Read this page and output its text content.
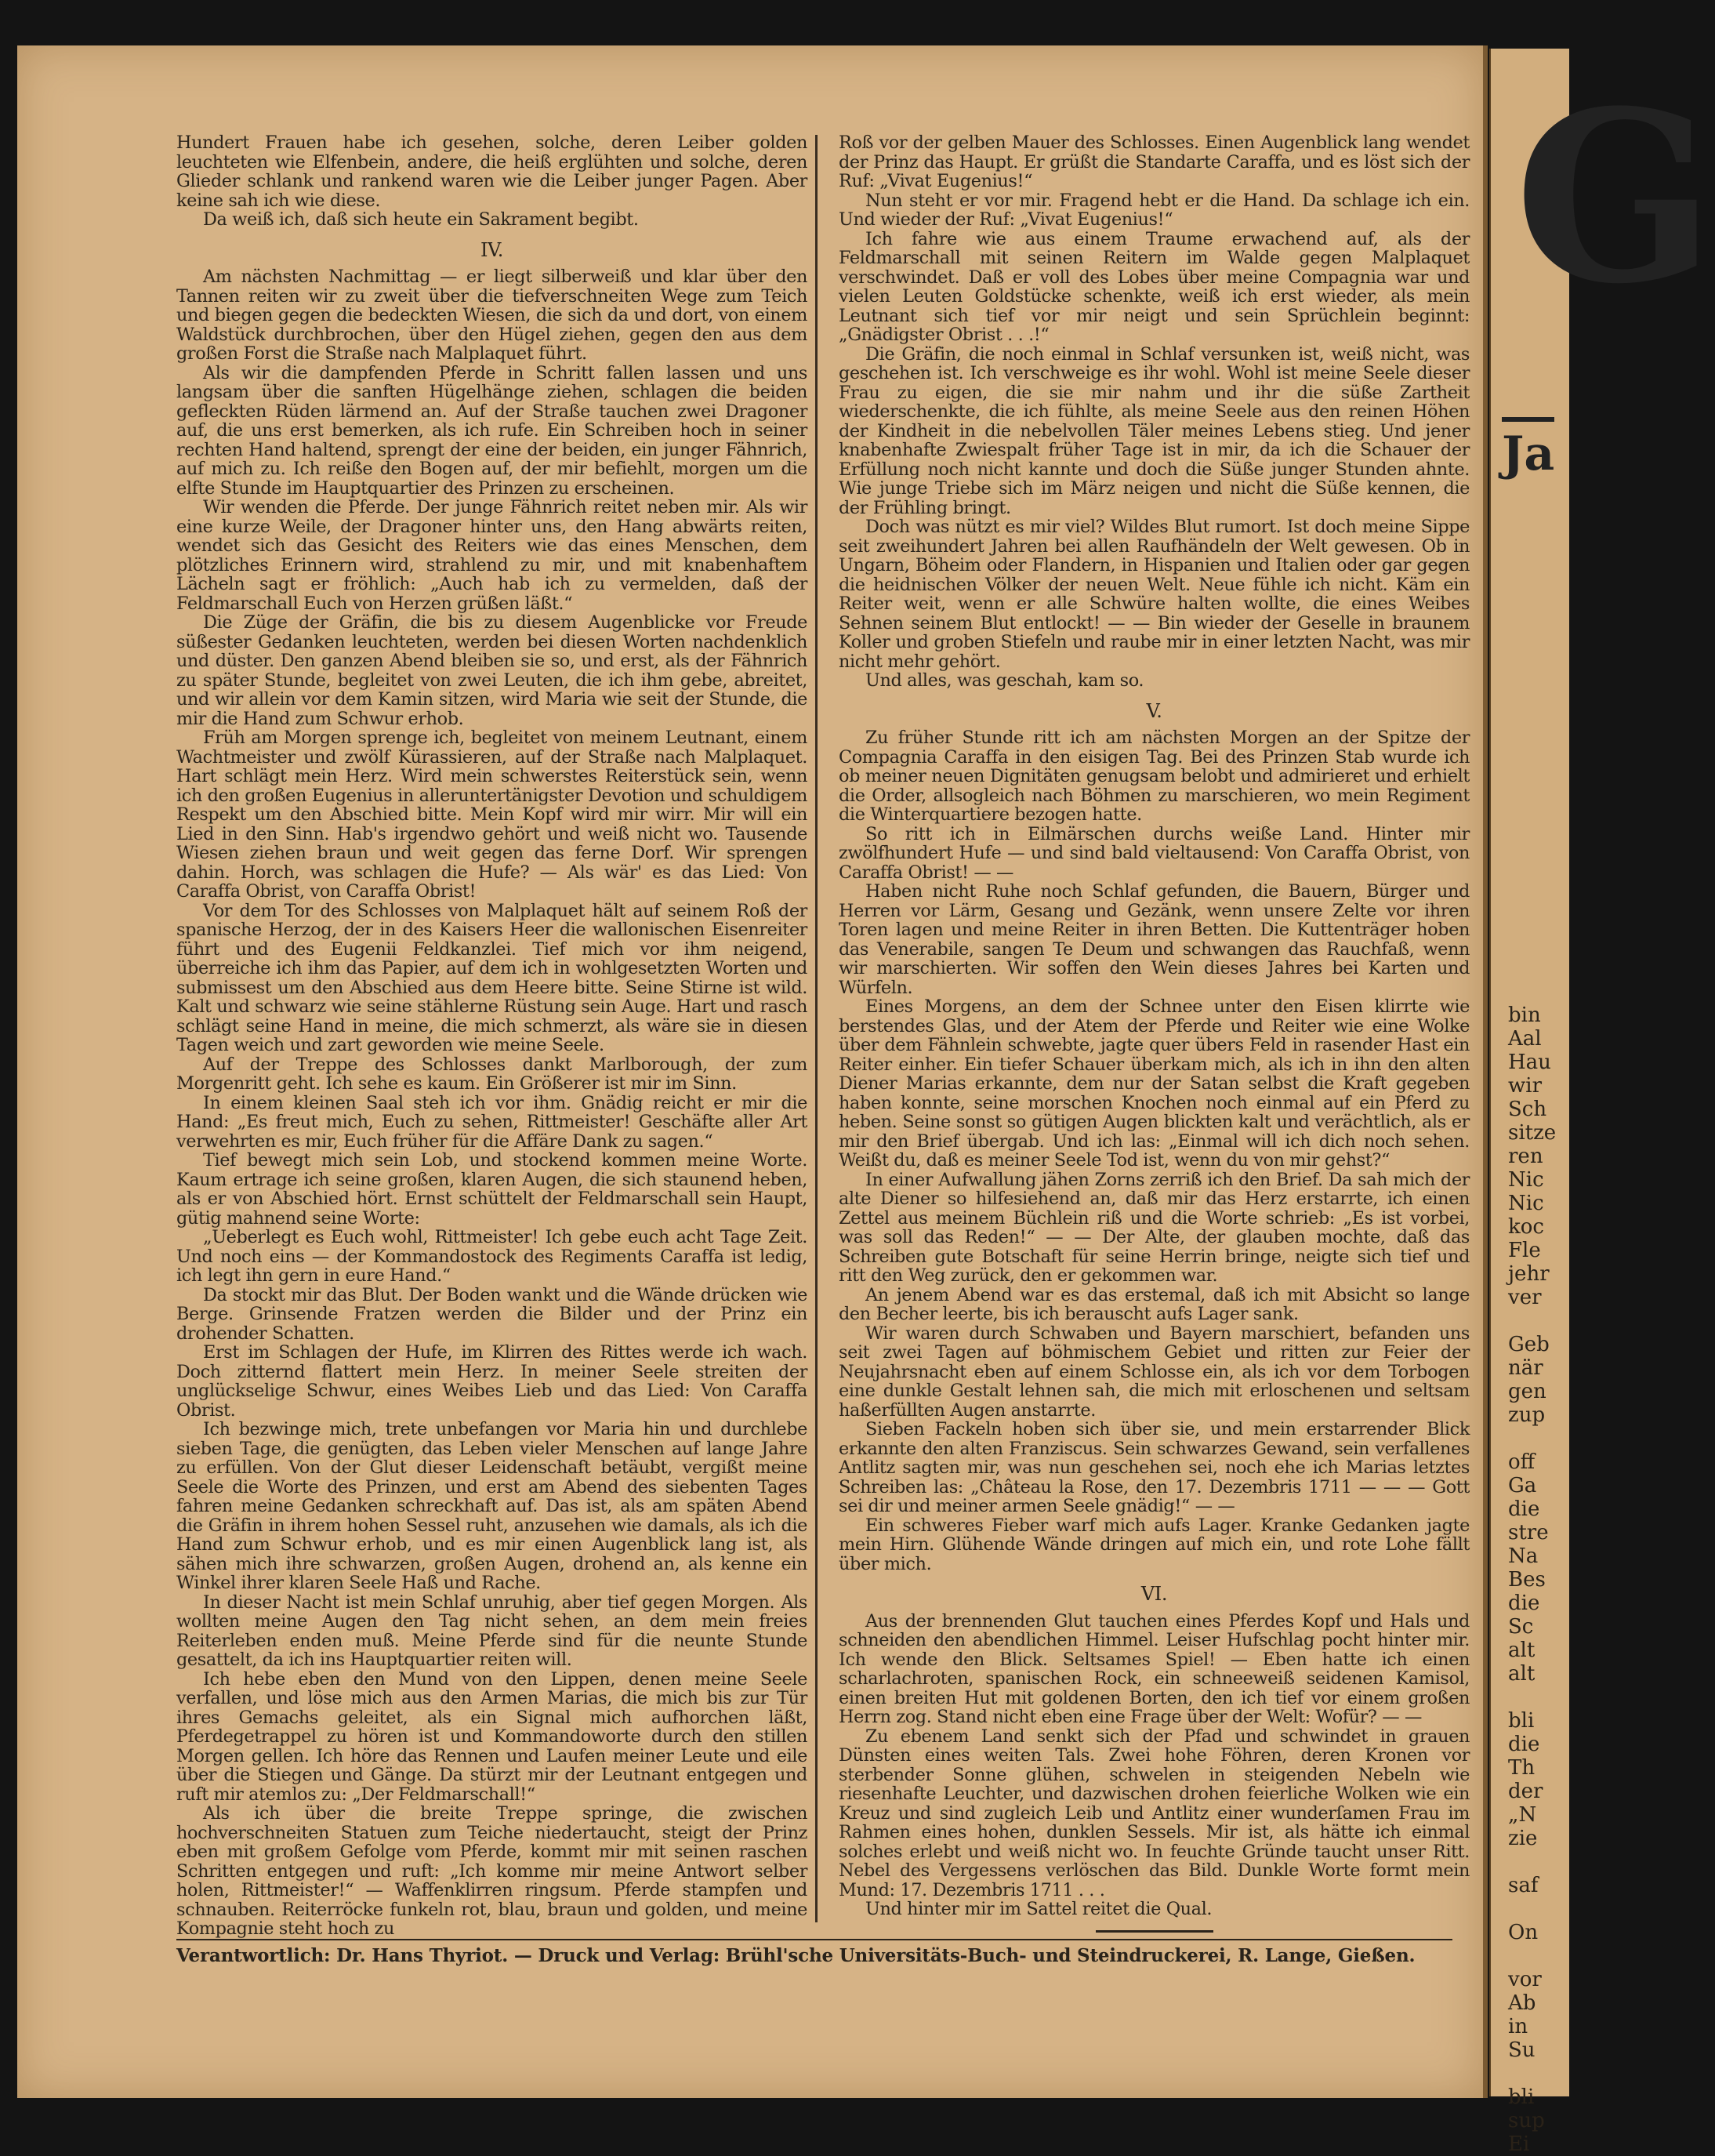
G
Ja
bin
Aal
Hau
wir
Sch
sitze
ren
Nic
Nic
koc
Fle
jehr
ver

Geb
när
gen
zup

off
Ga
die
stre
Na
Bes
die
Sc
alt
alt

bli
die
Th
der
„N
zie

saf

On

vor
Ab
in
Su

bli
sup
Ei

Hundert Frauen habe ich gesehen, solche, deren Leiber golden leuchteten wie Elfenbein, andere, die heiß erglühten und solche, deren Glieder schlank und rankend waren wie die Leiber junger Pagen. Aber keine sah ich wie diese.

Da weiß ich, daß sich heute ein Sakrament begibt.

IV.

Am nächsten Nachmittag — er liegt silberweiß und klar über den Tannen reiten wir zu zweit über die tiefverschneiten Wege zum Teich und biegen gegen die bedeckten Wiesen, die sich da und dort, von einem Waldstück durchbrochen, über den Hügel ziehen, gegen den aus dem großen Forst die Straße nach Malplaquet führt.

Als wir die dampfenden Pferde in Schritt fallen lassen und uns langsam über die sanften Hügelhänge ziehen, schlagen die beiden gefleckten Rüden lärmend an. Auf der Straße tauchen zwei Dragoner auf, die uns erst bemerken, als ich rufe. Ein Schreiben hoch in seiner rechten Hand haltend, sprengt der eine der beiden, ein junger Fähnrich, auf mich zu. Ich reiße den Bogen auf, der mir befiehlt, morgen um die elfte Stunde im Hauptquartier des Prinzen zu erscheinen.

Wir wenden die Pferde. Der junge Fähnrich reitet neben mir. Als wir eine kurze Weile, der Dragoner hinter uns, den Hang abwärts reiten, wendet sich das Gesicht des Reiters wie das eines Menschen, dem plötzliches Erinnern wird, strahlend zu mir, und mit knabenhaftem Lächeln sagt er fröhlich: „Auch hab ich zu vermelden, daß der Feldmarschall Euch von Herzen grüßen läßt.“

Die Züge der Gräfin, die bis zu diesem Augenblicke vor Freude süßester Gedanken leuchteten, werden bei diesen Worten nachdenklich und düster. Den ganzen Abend bleiben sie so, und erst, als der Fähnrich zu später Stunde, begleitet von zwei Leuten, die ich ihm gebe, abreitet, und wir allein vor dem Kamin sitzen, wird Maria wie seit der Stunde, die mir die Hand zum Schwur erhob.

Früh am Morgen sprenge ich, begleitet von meinem Leutnant, einem Wachtmeister und zwölf Kürassieren, auf der Straße nach Malplaquet. Hart schlägt mein Herz. Wird mein schwerstes Reiterstück sein, wenn ich den großen Eugenius in alleruntertänigster Devotion und schuldigem Respekt um den Abschied bitte. Mein Kopf wird mir wirr. Mir will ein Lied in den Sinn. Hab's irgendwo gehört und weiß nicht wo. Tausende Wiesen ziehen braun und weit gegen das ferne Dorf. Wir sprengen dahin. Horch, was schlagen die Hufe? — Als wär' es das Lied: Von Caraffa Obrist, von Caraffa Obrist!

Vor dem Tor des Schlosses von Malplaquet hält auf seinem Roß der spanische Herzog, der in des Kaisers Heer die wallonischen Eisenreiter führt und des Eugenii Feldkanzlei. Tief mich vor ihm neigend, überreiche ich ihm das Papier, auf dem ich in wohlgesetzten Worten und submissest um den Abschied aus dem Heere bitte. Seine Stirne ist wild. Kalt und schwarz wie seine stählerne Rüstung sein Auge. Hart und rasch schlägt seine Hand in meine, die mich schmerzt, als wäre sie in diesen Tagen weich und zart geworden wie meine Seele.

Auf der Treppe des Schlosses dankt Marlborough, der zum Morgenritt geht. Ich sehe es kaum. Ein Größerer ist mir im Sinn.

In einem kleinen Saal steh ich vor ihm. Gnädig reicht er mir die Hand: „Es freut mich, Euch zu sehen, Rittmeister! Geschäfte aller Art verwehrten es mir, Euch früher für die Affäre Dank zu sagen.“

Tief bewegt mich sein Lob, und stockend kommen meine Worte. Kaum ertrage ich seine großen, klaren Augen, die sich staunend heben, als er von Abschied hört. Ernst schüttelt der Feldmarschall sein Haupt, gütig mahnend seine Worte:

„Ueberlegt es Euch wohl, Rittmeister! Ich gebe euch acht Tage Zeit. Und noch eins — der Kommandostock des Regiments Caraffa ist ledig, ich legt ihn gern in eure Hand.“

Da stockt mir das Blut. Der Boden wankt und die Wände drücken wie Berge. Grinsende Fratzen werden die Bilder und der Prinz ein drohender Schatten.

Erst im Schlagen der Hufe, im Klirren des Rittes werde ich wach. Doch zitternd flattert mein Herz. In meiner Seele streiten der unglückselige Schwur, eines Weibes Lieb und das Lied: Von Caraffa Obrist.

Ich bezwinge mich, trete unbefangen vor Maria hin und durchlebe sieben Tage, die genügten, das Leben vieler Menschen auf lange Jahre zu erfüllen. Von der Glut dieser Leidenschaft betäubt, vergißt meine Seele die Worte des Prinzen, und erst am Abend des siebenten Tages fahren meine Gedanken schreckhaft auf. Das ist, als am späten Abend die Gräfin in ihrem hohen Sessel ruht, anzusehen wie damals, als ich die Hand zum Schwur erhob, und es mir einen Augenblick lang ist, als sähen mich ihre schwarzen, großen Augen, drohend an, als kenne ein Winkel ihrer klaren Seele Haß und Rache.

In dieser Nacht ist mein Schlaf unruhig, aber tief gegen Morgen. Als wollten meine Augen den Tag nicht sehen, an dem mein freies Reiterleben enden muß. Meine Pferde sind für die neunte Stunde gesattelt, da ich ins Hauptquartier reiten will.

Ich hebe eben den Mund von den Lippen, denen meine Seele verfallen, und löse mich aus den Armen Marias, die mich bis zur Tür ihres Gemachs geleitet, als ein Signal mich aufhorchen läßt, Pferdegetrappel zu hören ist und Kommandoworte durch den stillen Morgen gellen. Ich höre das Rennen und Laufen meiner Leute und eile über die Stiegen und Gänge. Da stürzt mir der Leutnant entgegen und ruft mir atemlos zu: „Der Feldmarschall!“

Als ich über die breite Treppe springe, die zwischen hochverschneiten Statuen zum Teiche niedertaucht, steigt der Prinz eben mit großem Gefolge vom Pferde, kommt mir mit seinen raschen Schritten entgegen und ruft: „Ich komme mir meine Antwort selber holen, Rittmeister!“ — Waffenklirren ringsum. Pferde stampfen und schnauben. Reiterröcke funkeln rot, blau, braun und golden, und meine Kompagnie steht hoch zu

Roß vor der gelben Mauer des Schlosses. Einen Augenblick lang wendet der Prinz das Haupt. Er grüßt die Standarte Caraffa, und es löst sich der Ruf: „Vivat Eugenius!“

Nun steht er vor mir. Fragend hebt er die Hand. Da schlage ich ein. Und wieder der Ruf: „Vivat Eugenius!“

Ich fahre wie aus einem Traume erwachend auf, als der Feldmarschall mit seinen Reitern im Walde gegen Malplaquet verschwindet. Daß er voll des Lobes über meine Compagnia war und vielen Leuten Goldstücke schenkte, weiß ich erst wieder, als mein Leutnant sich tief vor mir neigt und sein Sprüchlein beginnt: „Gnädigster Obrist . . .!“

Die Gräfin, die noch einmal in Schlaf versunken ist, weiß nicht, was geschehen ist. Ich verschweige es ihr wohl. Wohl ist meine Seele dieser Frau zu eigen, die sie mir nahm und ihr die süße Zartheit wiederschenkte, die ich fühlte, als meine Seele aus den reinen Höhen der Kindheit in die nebelvollen Täler meines Lebens stieg. Und jener knabenhafte Zwiespalt früher Tage ist in mir, da ich die Schauer der Erfüllung noch nicht kannte und doch die Süße junger Stunden ahnte. Wie junge Triebe sich im März neigen und nicht die Süße kennen, die der Frühling bringt.

Doch was nützt es mir viel? Wildes Blut rumort. Ist doch meine Sippe seit zweihundert Jahren bei allen Raufhändeln der Welt gewesen. Ob in Ungarn, Böheim oder Flandern, in Hispanien und Italien oder gar gegen die heidnischen Völker der neuen Welt. Neue fühle ich nicht. Käm ein Reiter weit, wenn er alle Schwüre halten wollte, die eines Weibes Sehnen seinem Blut entlockt! — — Bin wieder der Geselle in braunem Koller und groben Stiefeln und raube mir in einer letzten Nacht, was mir nicht mehr gehört.

Und alles, was geschah, kam so.

V.

Zu früher Stunde ritt ich am nächsten Morgen an der Spitze der Compagnia Caraffa in den eisigen Tag. Bei des Prinzen Stab wurde ich ob meiner neuen Dignitäten genugsam belobt und admirieret und erhielt die Order, allsogleich nach Böhmen zu marschieren, wo mein Regiment die Winterquartiere bezogen hatte.

So ritt ich in Eilmärschen durchs weiße Land. Hinter mir zwölfhundert Hufe — und sind bald vieltausend: Von Caraffa Obrist, von Caraffa Obrist! — —

Haben nicht Ruhe noch Schlaf gefunden, die Bauern, Bürger und Herren vor Lärm, Gesang und Gezänk, wenn unsere Zelte vor ihren Toren lagen und meine Reiter in ihren Betten. Die Kuttenträger hoben das Venerabile, sangen Te Deum und schwangen das Rauchfaß, wenn wir marschierten. Wir soffen den Wein dieses Jahres bei Karten und Würfeln.

Eines Morgens, an dem der Schnee unter den Eisen klirrte wie berstendes Glas, und der Atem der Pferde und Reiter wie eine Wolke über dem Fähnlein schwebte, jagte quer übers Feld in rasender Hast ein Reiter einher. Ein tiefer Schauer überkam mich, als ich in ihn den alten Diener Marias erkannte, dem nur der Satan selbst die Kraft gegeben haben konnte, seine morschen Knochen noch einmal auf ein Pferd zu heben. Seine sonst so gütigen Augen blickten kalt und verächtlich, als er mir den Brief übergab. Und ich las: „Einmal will ich dich noch sehen. Weißt du, daß es meiner Seele Tod ist, wenn du von mir gehst?“

In einer Aufwallung jähen Zorns zerriß ich den Brief. Da sah mich der alte Diener so hilfesiehend an, daß mir das Herz erstarrte, ich einen Zettel aus meinem Büchlein riß und die Worte schrieb: „Es ist vorbei, was soll das Reden!“ — — Der Alte, der glauben mochte, daß das Schreiben gute Botschaft für seine Herrin bringe, neigte sich tief und ritt den Weg zurück, den er gekommen war.

An jenem Abend war es das erstemal, daß ich mit Absicht so lange den Becher leerte, bis ich berauscht aufs Lager sank.

Wir waren durch Schwaben und Bayern marschiert, befanden uns seit zwei Tagen auf böhmischem Gebiet und ritten zur Feier der Neujahrsnacht eben auf einem Schlosse ein, als ich vor dem Torbogen eine dunkle Gestalt lehnen sah, die mich mit erloschenen und seltsam haßerfüllten Augen anstarrte.

Sieben Fackeln hoben sich über sie, und mein erstarrender Blick erkannte den alten Franziscus. Sein schwarzes Gewand, sein verfallenes Antlitz sagten mir, was nun geschehen sei, noch ehe ich Marias letztes Schreiben las: „Château la Rose, den 17. Dezembris 1711 — — — Gott sei dir und meiner armen Seele gnädig!“ — —

Ein schweres Fieber warf mich aufs Lager. Kranke Gedanken jagte mein Hirn. Glühende Wände dringen auf mich ein, und rote Lohe fällt über mich.

VI.

Aus der brennenden Glut tauchen eines Pferdes Kopf und Hals und schneiden den abendlichen Himmel. Leiser Hufschlag pocht hinter mir. Ich wende den Blick. Seltsames Spiel! — Eben hatte ich einen scharlachroten, spanischen Rock, ein schneeweiß seidenen Kamisol, einen breiten Hut mit goldenen Borten, den ich tief vor einem großen Herrn zog. Stand nicht eben eine Frage über der Welt: Wofür? — —

Zu ebenem Land senkt sich der Pfad und schwindet in grauen Dünsten eines weiten Tals. Zwei hohe Föhren, deren Kronen vor sterbender Sonne glühen, schwelen in steigenden Nebeln wie riesenhafte Leuchter, und dazwischen drohen feierliche Wolken wie ein Kreuz und sind zugleich Leib und Antlitz einer wunderſamen Frau im Rahmen eines hohen, dunklen Sessels. Mir ist, als hätte ich einmal solches erlebt und weiß nicht wo. In feuchte Gründe taucht unser Ritt. Nebel des Vergessens verlöschen das Bild. Dunkle Worte formt mein Mund: 17. Dezembris 1711 . . .

Und hinter mir im Sattel reitet die Qual.

Verantwortlich: Dr. Hans Thyriot. — Druck und Verlag: Brühl'sche Universitäts-Buch- und Steindruckerei, R. Lange, Gießen.
